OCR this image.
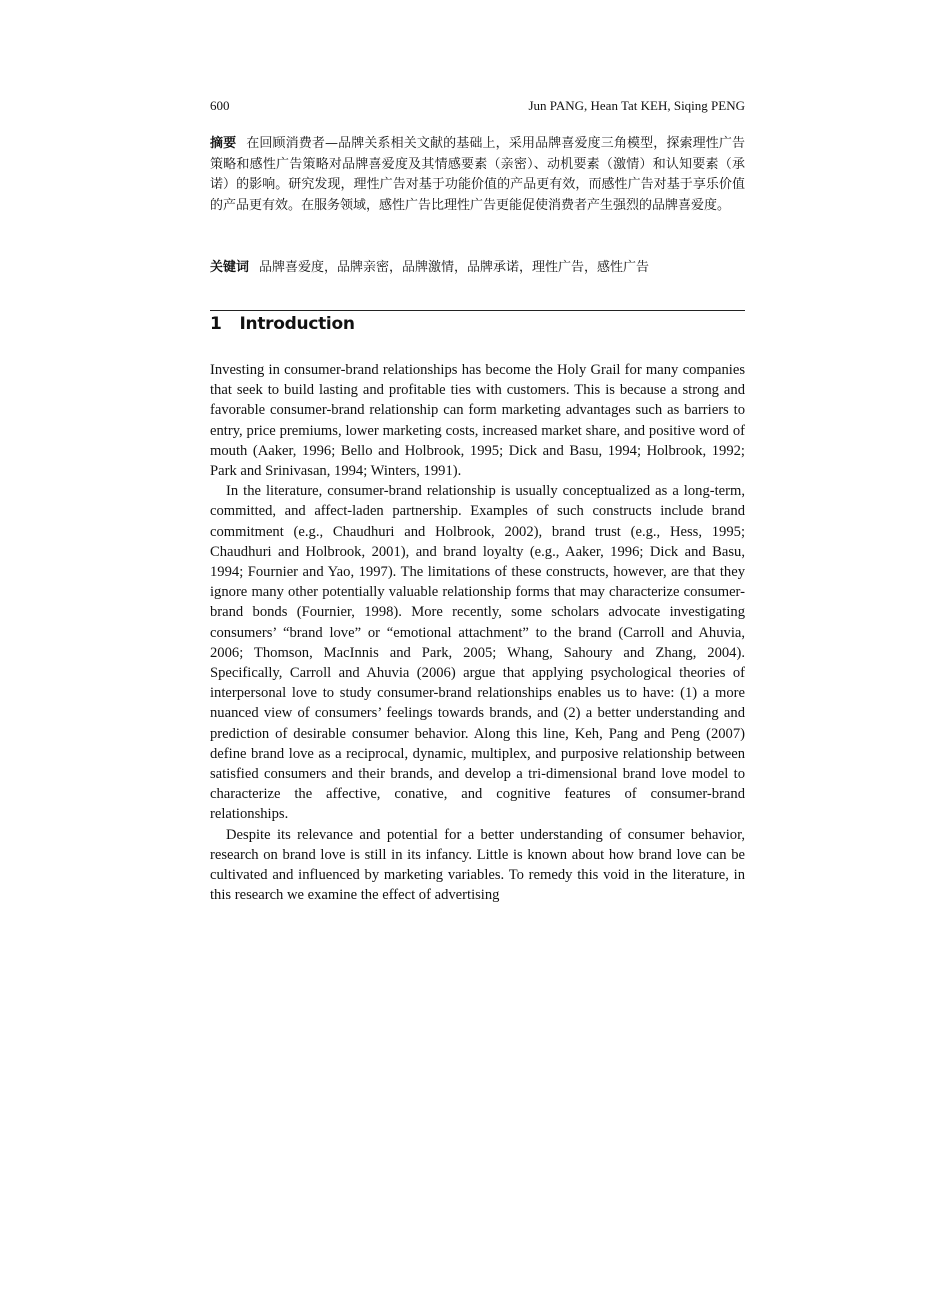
600	Jun PANG, Hean Tat KEH, Siqing PENG
摘要 在回顾消费者—品牌关系相关文献的基础上，采用品牌喜爱度三角模型，探索理性广告策略和感性广告策略对品牌喜爱度及其情感要素（亲密）、动机要素（激情）和认知要素（承诺）的影响。研究发现，理性广告对基于功能价值的产品更有效，而感性广告对基于享乐价值的产品更有效。在服务领域，感性广告比理性广告更能促使消费者产生强烈的品牌喜爱度。
关键词 品牌喜爱度，品牌亲密，品牌激情，品牌承诺，理性广告，感性广告
1 Introduction

Investing in consumer-brand relationships has become the Holy Grail for many companies that seek to build lasting and profitable ties with customers. This is because a strong and favorable consumer-brand relationship can form marketing advantages such as barriers to entry, price premiums, lower marketing costs, increased market share, and positive word of mouth (Aaker, 1996; Bello and Holbrook, 1995; Dick and Basu, 1994; Holbrook, 1992; Park and Srinivasan, 1994; Winters, 1991).

In the literature, consumer-brand relationship is usually conceptualized as a long-term, committed, and affect-laden partnership. Examples of such constructs include brand commitment (e.g., Chaudhuri and Holbrook, 2002), brand trust (e.g., Hess, 1995; Chaudhuri and Holbrook, 2001), and brand loyalty (e.g., Aaker, 1996; Dick and Basu, 1994; Fournier and Yao, 1997). The limitations of these constructs, however, are that they ignore many other potentially valuable relationship forms that may characterize consumer-brand bonds (Fournier, 1998). More recently, some scholars advocate investigating consumers’ “brand love” or “emotional attachment” to the brand (Carroll and Ahuvia, 2006; Thomson, MacInnis and Park, 2005; Whang, Sahoury and Zhang, 2004). Specifically, Carroll and Ahuvia (2006) argue that applying psychological theories of interpersonal love to study consumer-brand relationships enables us to have: (1) a more nuanced view of consumers’ feelings towards brands, and (2) a better understanding and prediction of desirable consumer behavior. Along this line, Keh, Pang and Peng (2007) define brand love as a reciprocal, dynamic, multiplex, and purposive relationship between satisfied consumers and their brands, and develop a tri-dimensional brand love model to characterize the affective, conative, and cognitive features of consumer-brand relationships.

Despite its relevance and potential for a better understanding of consumer behavior, research on brand love is still in its infancy. Little is known about how brand love can be cultivated and influenced by marketing variables. To remedy this void in the literature, in this research we examine the effect of advertising
